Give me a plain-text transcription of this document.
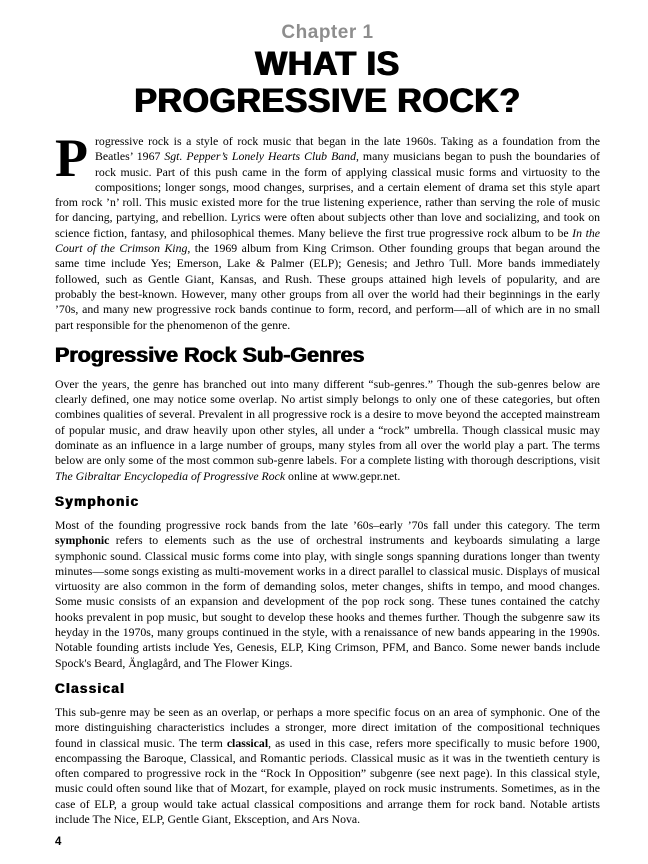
Chapter 1
WHAT IS
PROGRESSIVE ROCK?

Progressive rock is a style of rock music that began in the late 1960s. Taking as a foundation from the Beatles’ 1967 Sgt. Pepper’s Lonely Hearts Club Band, many musicians began to push the boundaries of rock music. Part of this push came in the form of applying classical music forms and virtuosity to the compositions; longer songs, mood changes, surprises, and a certain element of drama set this style apart from rock ’n’ roll. This music existed more for the true listening experience, rather than serving the role of music for dancing, partying, and rebellion. Lyrics were often about subjects other than love and socializing, and took on science fiction, fantasy, and philosophical themes. Many believe the first true progressive rock album to be In the Court of the Crimson King, the 1969 album from King Crimson. Other founding groups that began around the same time include Yes; Emerson, Lake & Palmer (ELP); Genesis; and Jethro Tull. More bands immediately followed, such as Gentle Giant, Kansas, and Rush. These groups attained high levels of popularity, and are probably the best-known. However, many other groups from all over the world had their beginnings in the early ’70s, and many new progressive rock bands continue to form, record, and perform—all of which are in no small part responsible for the phenomenon of the genre.

Progressive Rock Sub-Genres

Over the years, the genre has branched out into many different “sub-genres.” Though the sub-genres below are clearly defined, one may notice some overlap. No artist simply belongs to only one of these categories, but often combines qualities of several. Prevalent in all progressive rock is a desire to move beyond the accepted mainstream of popular music, and draw heavily upon other styles, all under a “rock” umbrella. Though classical music may dominate as an influence in a large number of groups, many styles from all over the world play a part. The terms below are only some of the most common sub-genre labels. For a complete listing with thorough descriptions, visit The Gibraltar Encyclopedia of Progressive Rock online at www.gepr.net.

Symphonic

Most of the founding progressive rock bands from the late ’60s–early ’70s fall under this category. The term symphonic refers to elements such as the use of orchestral instruments and keyboards simulating a large symphonic sound. Classical music forms come into play, with single songs spanning durations longer than twenty minutes—some songs existing as multi-movement works in a direct parallel to classical music. Displays of musical virtuosity are also common in the form of demanding solos, meter changes, shifts in tempo, and mood changes. Some music consists of an expansion and development of the pop rock song. These tunes contained the catchy hooks prevalent in pop music, but sought to develop these hooks and themes further. Though the subgenre saw its heyday in the 1970s, many groups continued in the style, with a renaissance of new bands appearing in the 1990s. Notable founding artists include Yes, Genesis, ELP, King Crimson, PFM, and Banco. Some newer bands include Spock's Beard, Änglagård, and The Flower Kings.

Classical

This sub-genre may be seen as an overlap, or perhaps a more specific focus on an area of symphonic. One of the more distinguishing characteristics includes a stronger, more direct imitation of the compositional techniques found in classical music. The term classical, as used in this case, refers more specifically to music before 1900, encompassing the Baroque, Classical, and Romantic periods. Classical music as it was in the twentieth century is often compared to progressive rock in the “Rock In Opposition” subgenre (see next page). In this classical style, music could often sound like that of Mozart, for example, played on rock music instruments. Sometimes, as in the case of ELP, a group would take actual classical compositions and arrange them for rock band. Notable artists include The Nice, ELP, Gentle Giant, Eksception, and Ars Nova.

4
